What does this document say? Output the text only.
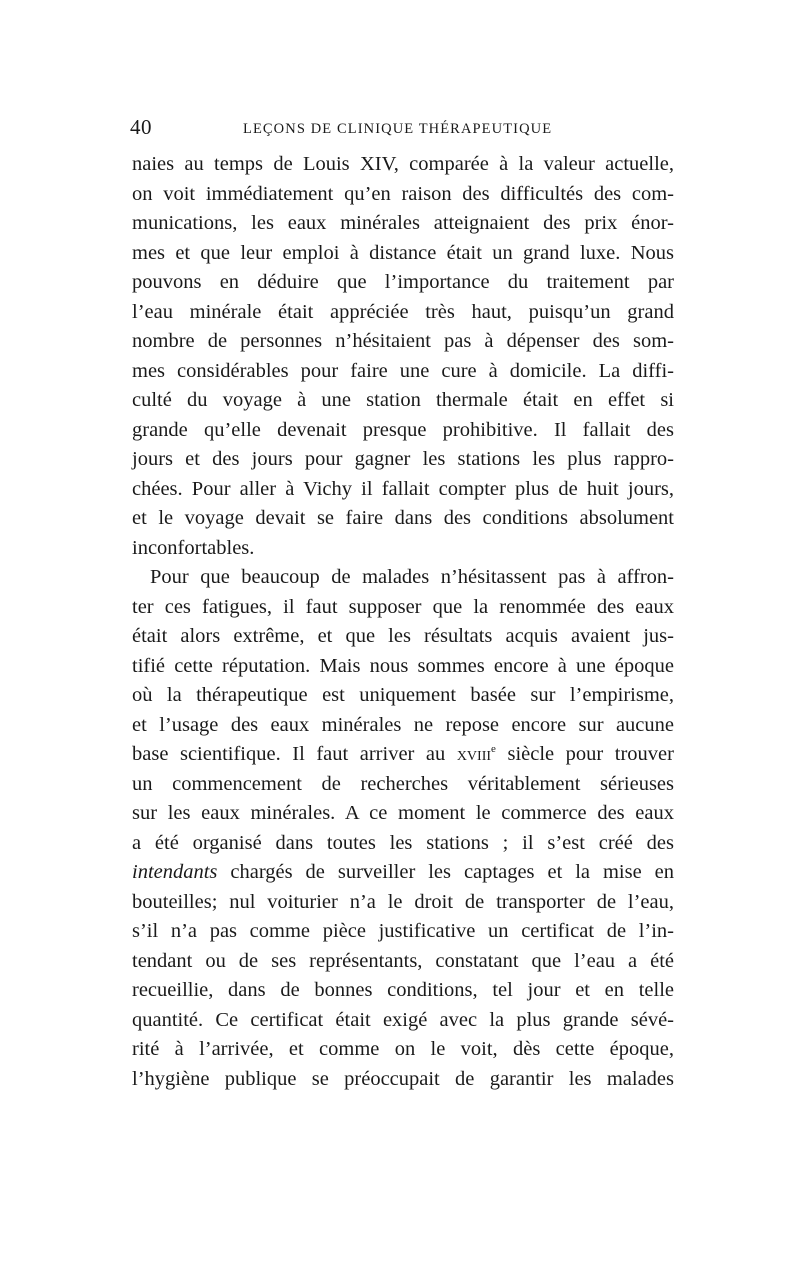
40	LEÇONS DE CLINIQUE THÉRAPEUTIQUE
naies au temps de Louis XIV, comparée à la valeur actuelle,
on voit immédiatement qu’en raison des difficultés des com-
munications, les eaux minérales atteignaient des prix énor-
mes et que leur emploi à distance était un grand luxe. Nous
pouvons en déduire que l’importance du traitement par
l’eau minérale était appréciée très haut, puisqu’un grand
nombre de personnes n’hésitaient pas à dépenser des som-
mes considérables pour faire une cure à domicile. La diffi-
culté du voyage à une station thermale était en effet si
grande qu’elle devenait presque prohibitive. Il fallait des
jours et des jours pour gagner les stations les plus rappro-
chées. Pour aller à Vichy il fallait compter plus de huit jours,
et le voyage devait se faire dans des conditions absolument
inconfortables.
Pour que beaucoup de malades n’hésitassent pas à affron-
ter ces fatigues, il faut supposer que la renommée des eaux
était alors extrême, et que les résultats acquis avaient jus-
tifié cette réputation. Mais nous sommes encore à une époque
où la thérapeutique est uniquement basée sur l’empirisme,
et l’usage des eaux minérales ne repose encore sur aucune
base scientifique. Il faut arriver au xviii$^e$ siècle pour trouver
un commencement de recherches véritablement sérieuses
sur les eaux minérales. A ce moment le commerce des eaux
a été organisé dans toutes les stations ; il s’est créé des
intendants chargés de surveiller les captages et la mise en
bouteilles; nul voiturier n’a le droit de transporter de l’eau,
s’il n’a pas comme pièce justificative un certificat de l’in-
tendant ou de ses représentants, constatant que l’eau a été
recueillie, dans de bonnes conditions, tel jour et en telle
quantité. Ce certificat était exigé avec la plus grande sévé-
rité à l’arrivée, et comme on le voit, dès cette époque,
l’hygiène publique se préoccupait de garantir les malades
